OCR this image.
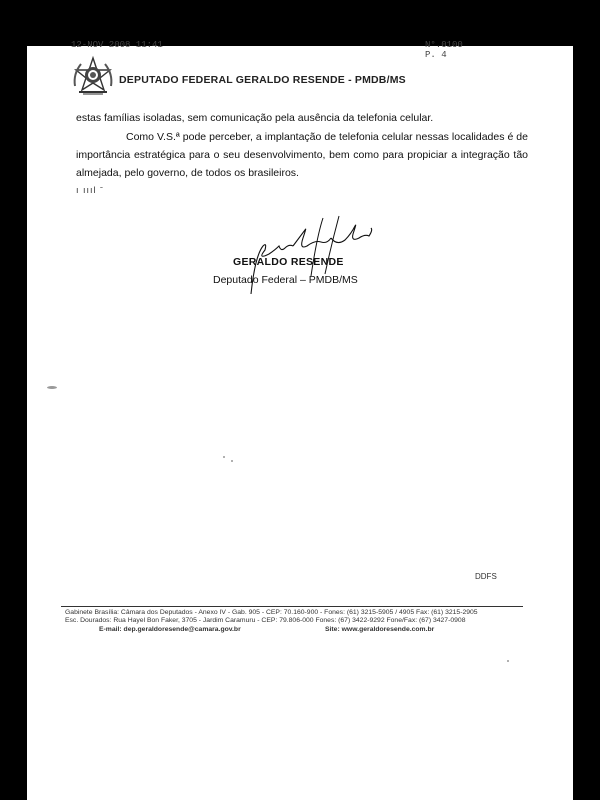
12-NOV 2008 11:41	N°.0100 P. 4
DEPUTADO FEDERAL GERALDO RESENDE - PMDB/MS
estas famílias isoladas, sem comunicação pela ausência da telefonia celular.
Como V.S.ª pode perceber, a implantação de telefonia celular nessas localidades é de importância estratégica para o seu desenvolvimento, bem como para propiciar a integração tão almejada, pelo governo, de todos os brasileiros.
ı ıııl ˉ
GERALDO RESENDE
Deputado Federal – PMDB/MS
DDFS
Gabinete Brasília: Câmara dos Deputados - Anexo IV - Gab. 905 - CEP: 70.160-900 - Fones: (61) 3215-5905 / 4905 Fax: (61) 3215-2905
Esc. Dourados: Rua Hayel Bon Faker, 3705 - Jardim Caramuru - CEP: 79.806-000 Fones: (67) 3422-9292 Fone/Fax: (67) 3427-0908
E-mail: dep.geraldoresende@camara.gov.br	Site: www.geraldoresende.com.br
